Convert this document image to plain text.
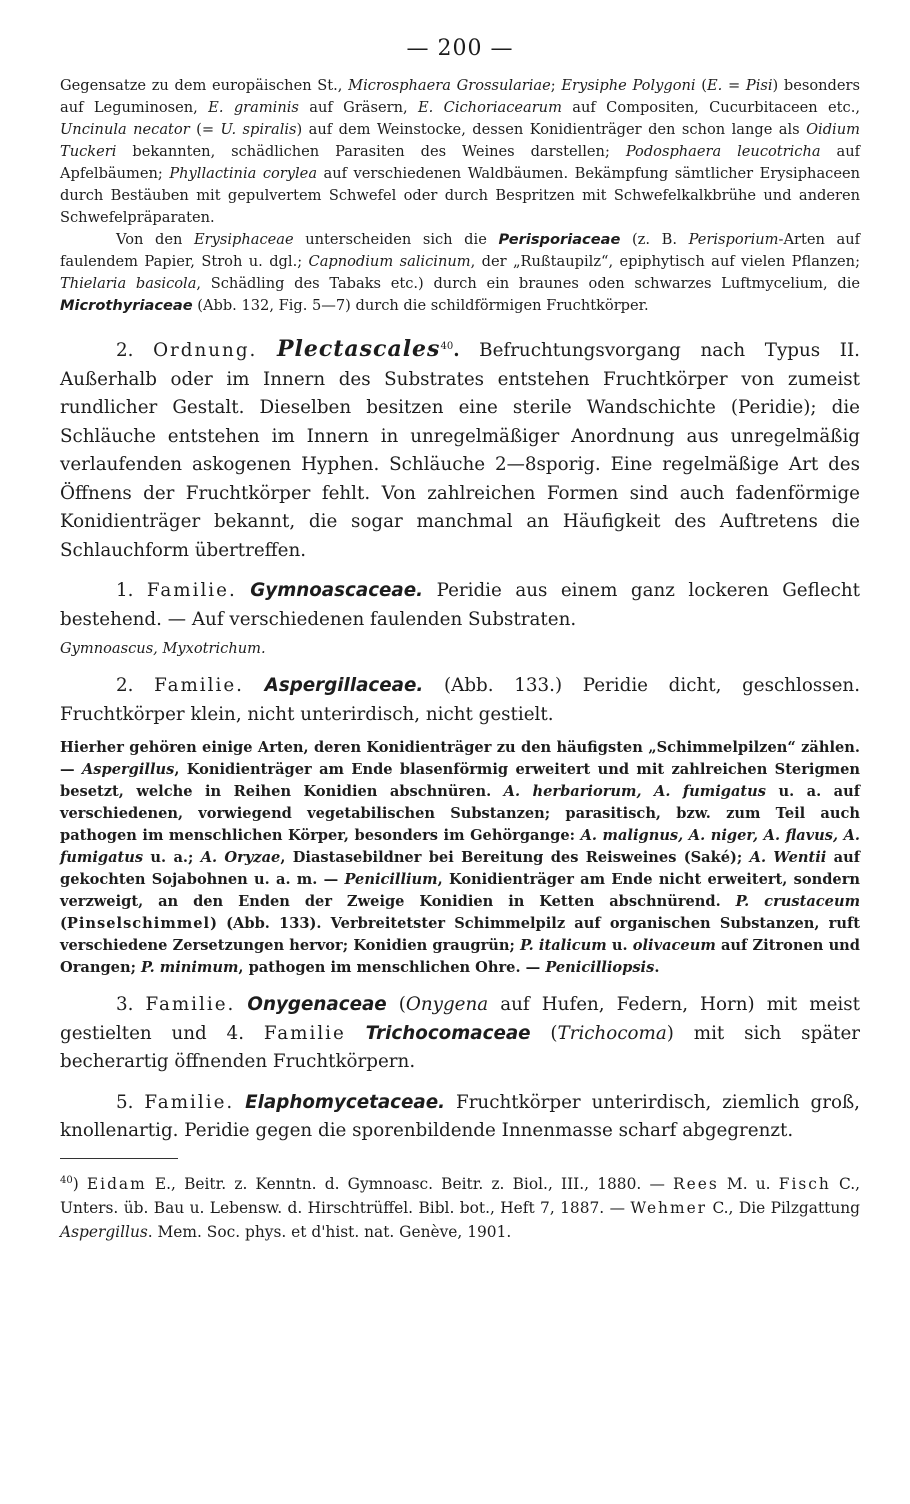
— 200 —

Gegensatze zu dem europäischen St., Microsphaera Grossulariae; Erysiphe Polygoni (E. = Pisi) besonders auf Leguminosen, E. graminis auf Gräsern, E. Cichoriacearum auf Compositen, Cucurbitaceen etc., Uncinula necator (= U. spiralis) auf dem Weinstocke, dessen Konidienträger den schon lange als Oidium Tuckeri bekannten, schädlichen Parasiten des Weines darstellen; Podosphaera leucotricha auf Apfelbäumen; Phyllactinia corylea auf verschiedenen Waldbäumen. Bekämpfung sämtlicher Erysiphaceen durch Bestäuben mit gepulvertem Schwefel oder durch Bespritzen mit Schwefelkalkbrühe und anderen Schwefelpräparaten.

Von den Erysiphaceae unterscheiden sich die Perisporiaceae (z. B. Perisporium-Arten auf faulendem Papier, Stroh u. dgl.; Capnodium salicinum, der „Rußtaupilz“, epiphytisch auf vielen Pflanzen; Thielaria basicola, Schädling des Tabaks etc.) durch ein braunes oden schwarzes Luftmycelium, die Microthyriaceae (Abb. 132, Fig. 5—7) durch die schildförmigen Fruchtkörper.

2. Ordnung. Plectascales$^{40}$. Befruchtungsvorgang nach Typus II. Außerhalb oder im Innern des Substrates entstehen Fruchtkörper von zumeist rundlicher Gestalt. Dieselben besitzen eine sterile Wandschichte (Peridie); die Schläuche entstehen im Innern in unregelmäßiger Anordnung aus unregelmäßig verlaufenden askogenen Hyphen. Schläuche 2—8sporig. Eine regelmäßige Art des Öffnens der Fruchtkörper fehlt. Von zahlreichen Formen sind auch fadenförmige Konidienträger bekannt, die sogar manchmal an Häufigkeit des Auftretens die Schlauchform übertreffen.

1. Familie. Gymnoascaceae. Peridie aus einem ganz lockeren Geflecht bestehend. — Auf verschiedenen faulenden Substraten.

Gymnoascus, Myxotrichum.

2. Familie. Aspergillaceae. (Abb. 133.) Peridie dicht, geschlossen. Fruchtkörper klein, nicht unterirdisch, nicht gestielt.

Hierher gehören einige Arten, deren Konidienträger zu den häufigsten „Schimmelpilzen“ zählen. — Aspergillus, Konidienträger am Ende blasenförmig erweitert und mit zahlreichen Sterigmen besetzt, welche in Reihen Konidien abschnüren. A. herbariorum, A. fumigatus u. a. auf verschiedenen, vorwiegend vegetabilischen Substanzen; parasitisch, bzw. zum Teil auch pathogen im menschlichen Körper, besonders im Gehörgange: A. malignus, A. niger, A. flavus, A. fumigatus u. a.; A. Oryzae, Diastasebildner bei Bereitung des Reisweines (Saké); A. Wentii auf gekochten Sojabohnen u. a. m. — Penicillium, Konidienträger am Ende nicht erweitert, sondern verzweigt, an den Enden der Zweige Konidien in Ketten abschnürend. P. crustaceum (Pinselschimmel) (Abb. 133). Verbreitetster Schimmelpilz auf organischen Substanzen, ruft verschiedene Zersetzungen hervor; Konidien graugrün; P. italicum u. olivaceum auf Zitronen und Orangen; P. minimum, pathogen im menschlichen Ohre. — Penicilliopsis.

3. Familie. Onygenaceae (Onygena auf Hufen, Federn, Horn) mit meist gestielten und 4. Familie Trichocomaceae (Trichocoma) mit sich später becherartig öffnenden Fruchtkörpern.

5. Familie. Elaphomycetaceae. Fruchtkörper unterirdisch, ziemlich groß, knollenartig. Peridie gegen die sporenbildende Innenmasse scharf abgegrenzt.

$^{40}$) Eidam E., Beitr. z. Kenntn. d. Gymnoasc. Beitr. z. Biol., III., 1880. — Rees M. u. Fisch C., Unters. üb. Bau u. Lebensw. d. Hirschtrüffel. Bibl. bot., Heft 7, 1887. — Wehmer C., Die Pilzgattung Aspergillus. Mem. Soc. phys. et d'hist. nat. Genève, 1901.
